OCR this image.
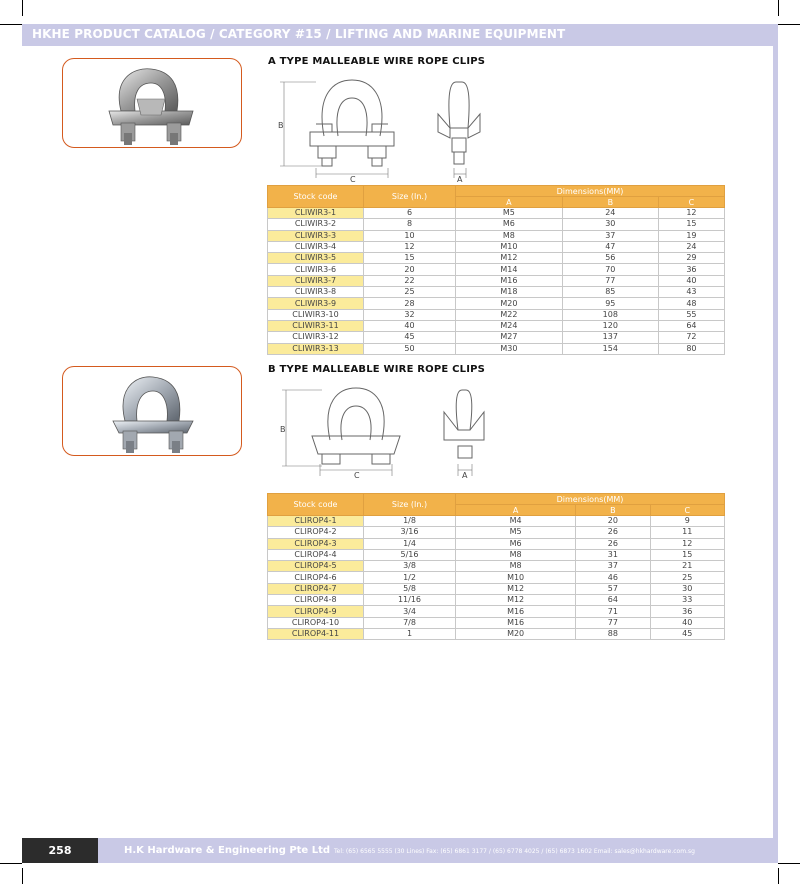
HKHE PRODUCT CATALOG / CATEGORY #15 / LIFTING AND MARINE EQUIPMENT
A TYPE MALLEABLE WIRE ROPE CLIPS
B
C	A
Stock code	Size (In.)	Dimensions(MM)		
		A	B	C
CLIWIR3-1	6	M5	24	12
CLIWIR3-2	8	M6	30	15
CLIWIR3-3	10	M8	37	19
CLIWIR3-4	12	M10	47	24
CLIWIR3-5	15	M12	56	29
CLIWIR3-6	20	M14	70	36
CLIWIR3-7	22	M16	77	40
CLIWIR3-8	25	M18	85	43
CLIWIR3-9	28	M20	95	48
CLIWIR3-10	32	M22	108	55
CLIWIR3-11	40	M24	120	64
CLIWIR3-12	45	M27	137	72
CLIWIR3-13	50	M30	154	80
B TYPE MALLEABLE WIRE ROPE CLIPS
B
C	A
Stock code	Size (In.)	Dimensions(MM)		
		A	B	C
CLIROP4-1	1/8	M4	20	9
CLIROP4-2	3/16	M5	26	11
CLIROP4-3	1/4	M6	26	12
CLIROP4-4	5/16	M8	31	15
CLIROP4-5	3/8	M8	37	21
CLIROP4-6	1/2	M10	46	25
CLIROP4-7	5/8	M12	57	30
CLIROP4-8	11/16	M12	64	33
CLIROP4-9	3/4	M16	71	36
CLIROP4-10	7/8	M16	77	40
CLIROP4-11	1	M20	88	45
258	H.K Hardware & Engineering Pte Ltd Tel: (65) 6565 5555 (30 Lines) Fax: (65) 6861 3177 / (65) 6778 4025 / (65) 6873 1602 Email: sales@hkhardware.com.sg
